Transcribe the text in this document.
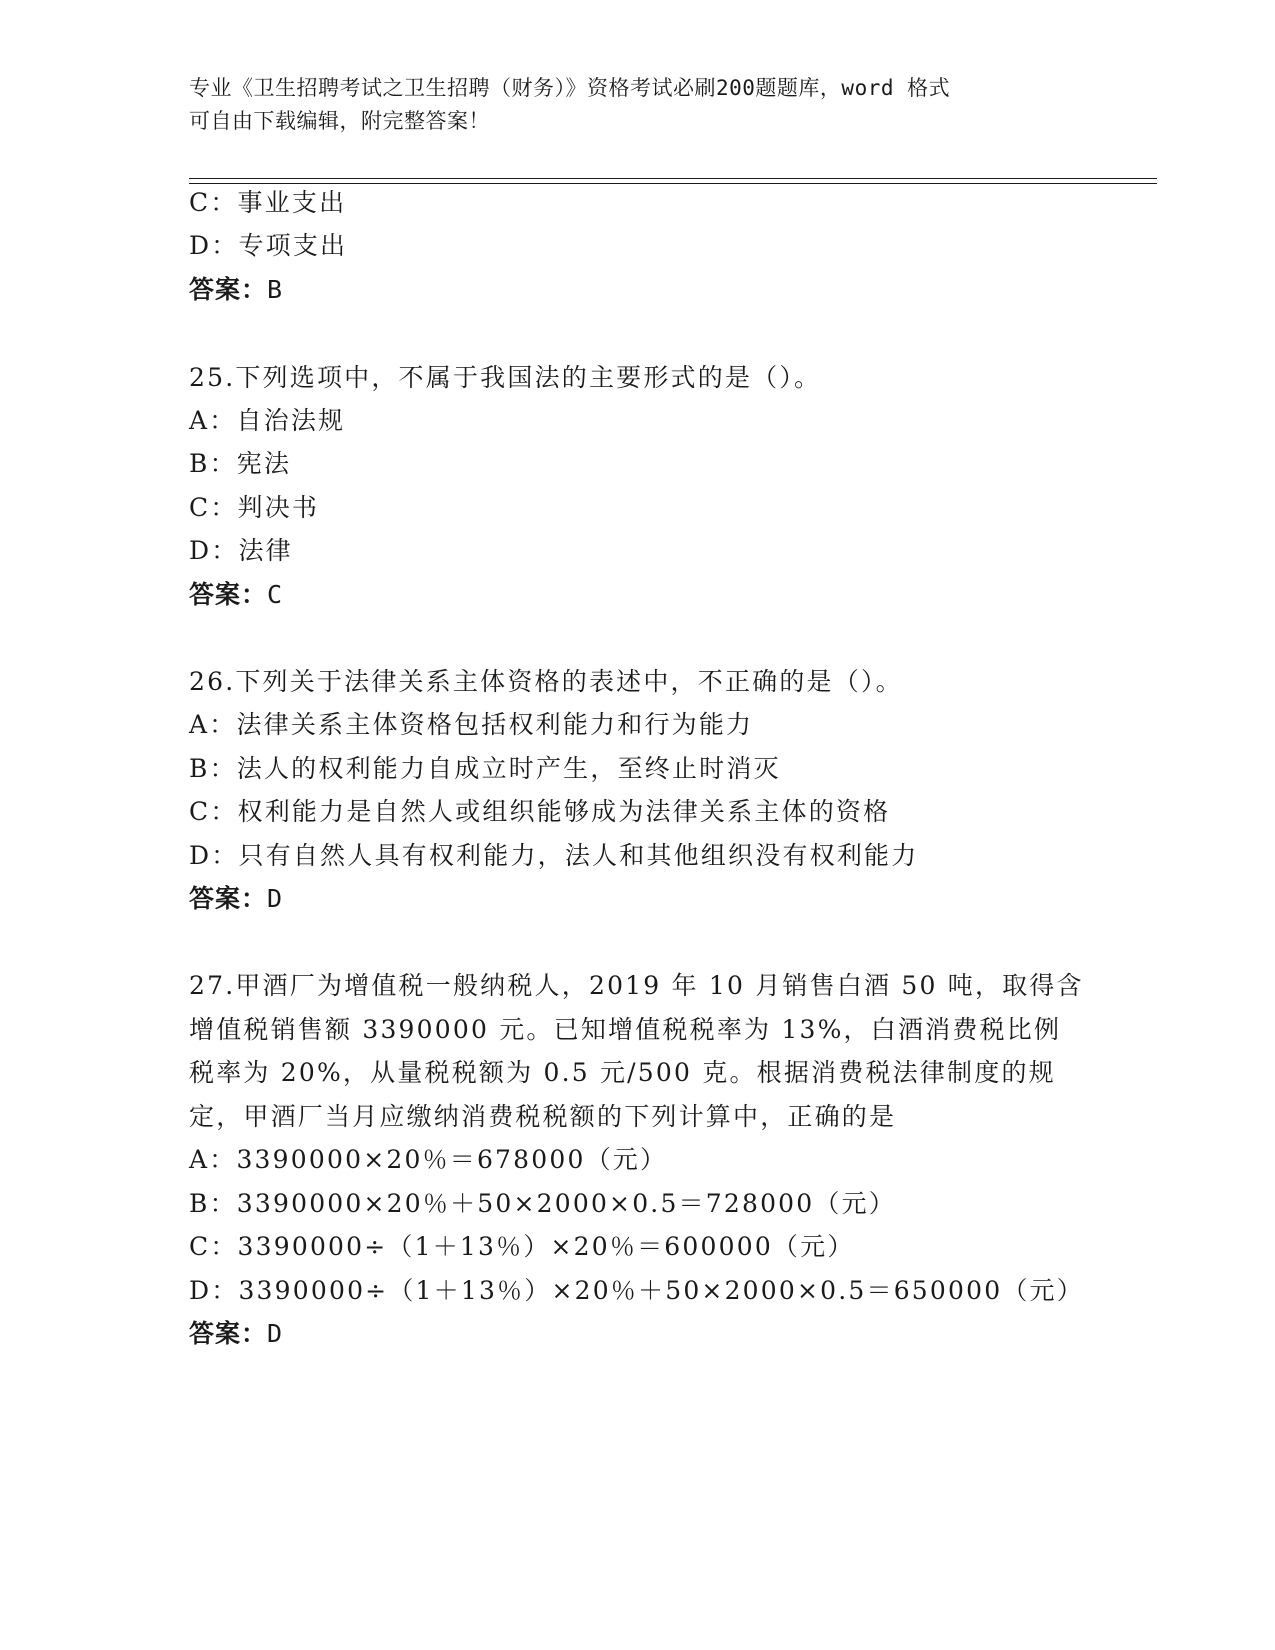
专业《卫生招聘考试之卫生招聘（财务）》资格考试必刷200题题库，word 格式
可自由下载编辑，附完整答案！
C：事业支出
D：专项支出
答案：B
25.下列选项中，不属于我国法的主要形式的是（）。
A：自治法规
B：宪法
C：判决书
D：法律
答案：C
26.下列关于法律关系主体资格的表述中，不正确的是（）。
A：法律关系主体资格包括权利能力和行为能力
B：法人的权利能力自成立时产生，至终止时消灭
C：权利能力是自然人或组织能够成为法律关系主体的资格
D：只有自然人具有权利能力，法人和其他组织没有权利能力
答案：D
27.甲酒厂为增值税一般纳税人，2019 年 10 月销售白酒 50 吨，取得含
增值税销售额 3390000 元。已知增值税税率为 13%，白酒消费税比例
税率为 20%，从量税税额为 0.5 元/500 克。根据消费税法律制度的规
定，甲酒厂当月应缴纳消费税税额的下列计算中，正确的是
A：3390000×20％＝678000（元）
B：3390000×20％＋50×2000×0.5＝728000（元）
C：3390000÷（1＋13％）×20％＝600000（元）
D：3390000÷（1＋13％）×20％＋50×2000×0.5＝650000（元）
答案：D
